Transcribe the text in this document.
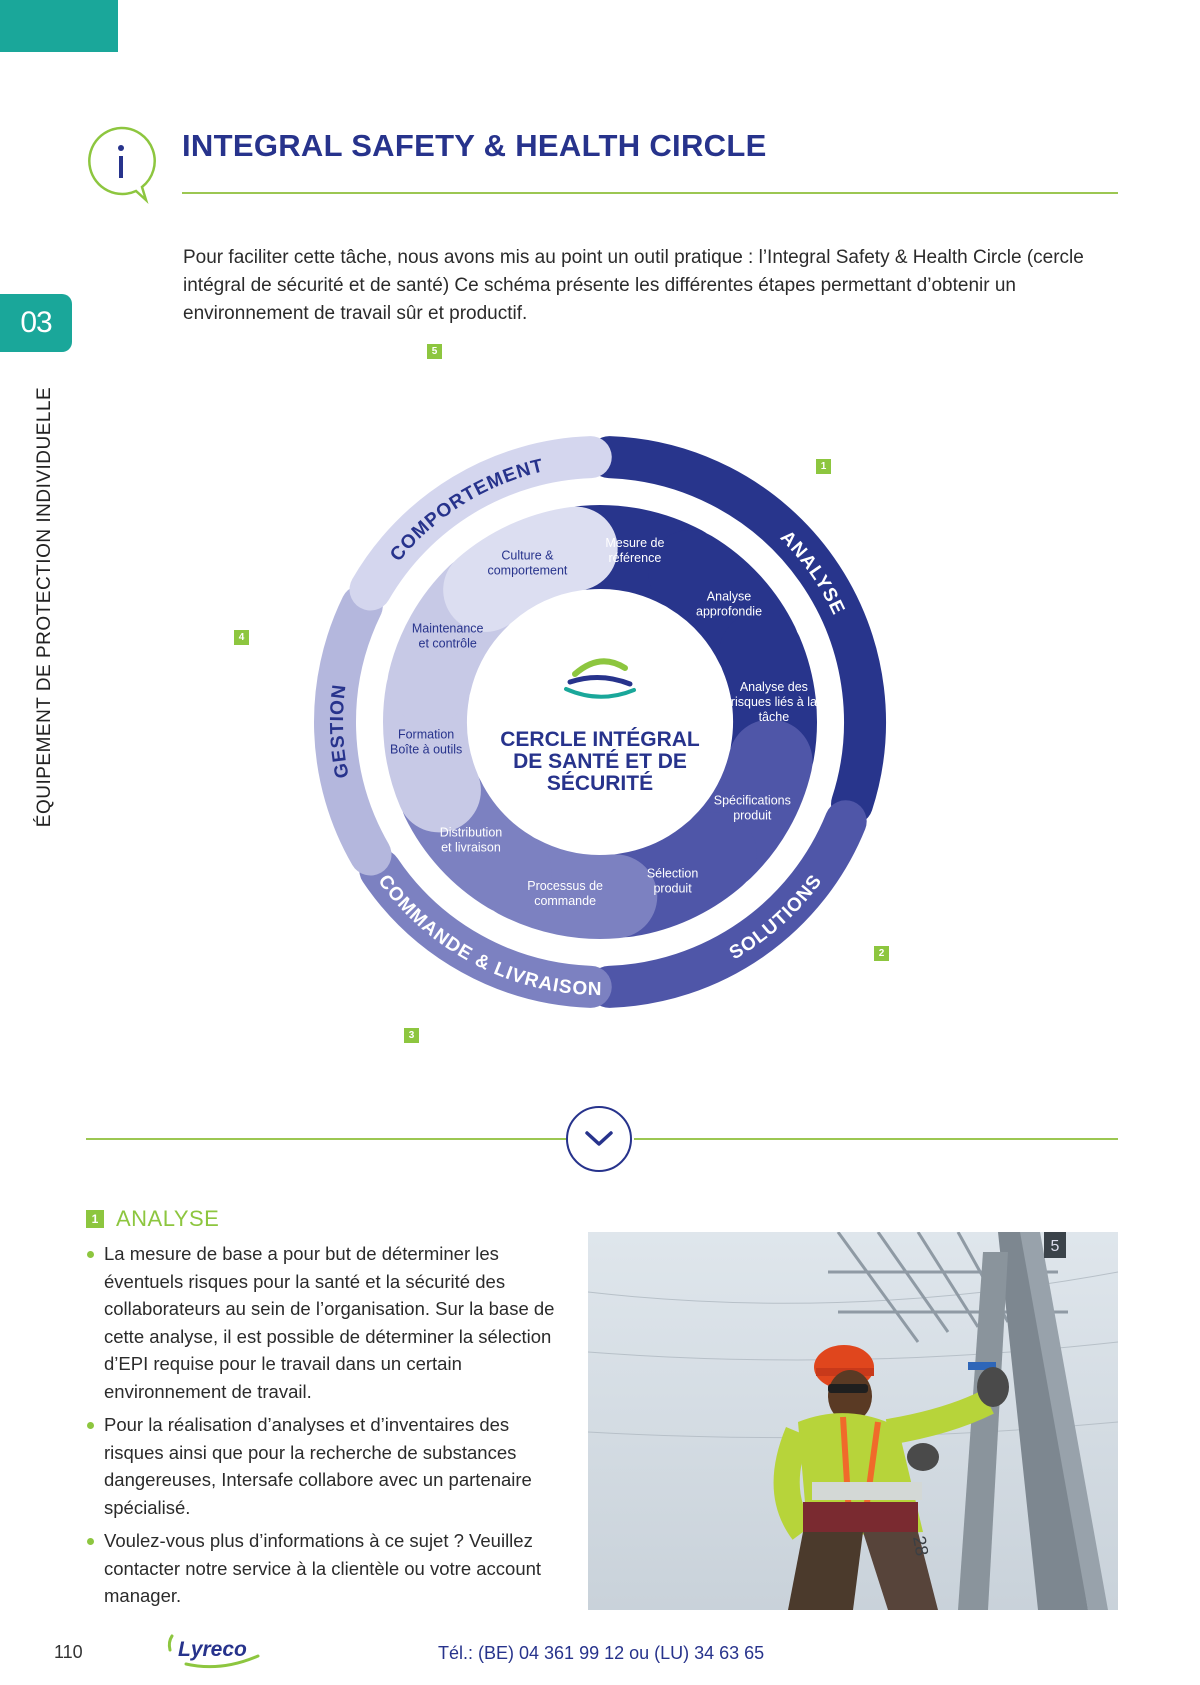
03
ÉQUIPEMENT DE PROTECTION INDIVIDUELLE
INTEGRAL SAFETY & HEALTH CIRCLE

Pour faciliter cette tâche, nous avons mis au point un outil pratique : l’Integral Safety & Health Circle (cercle intégral de sécurité et de santé) Ce schéma présente les différentes étapes permettant d’obtenir un environnement de travail sûr et productif.

ANALYSE
SOLUTIONS
COMMANDE & LIVRAISON
GESTION
COMPORTEMENT
Mesure de référence
Analyse approfondie
Analyse des risques liés à la tâche
Spécifications produit
Sélection produit
Processus de commande
Distribution et livraison
Formation Boîte à outils
Maintenance et contrôle
Culture & comportement
CERCLE INTÉGRAL
DE SANTÉ ET DE
SÉCURITÉ
5
1
4
2
3
1 ANALYSE
La mesure de base a pour but de déterminer les éventuels risques pour la santé et la sécurité des collaborateurs au sein de l’organisation. Sur la base de cette analyse, il est possible de déterminer la sélection d’EPI requise pour le travail dans un certain environnement de travail.
Pour la réalisation d’analyses et d’inventaires des risques ainsi que pour la recherche de substances dangereuses, Intersafe collabore avec un partenaire spécialisé.
Voulez-vous plus d’informations à ce sujet ? Veuillez contacter notre service à la clientèle ou votre account manager.
5
28
110	Lyreco	Tél.: (BE) 04 361 99 12 ou (LU) 34 63 65
